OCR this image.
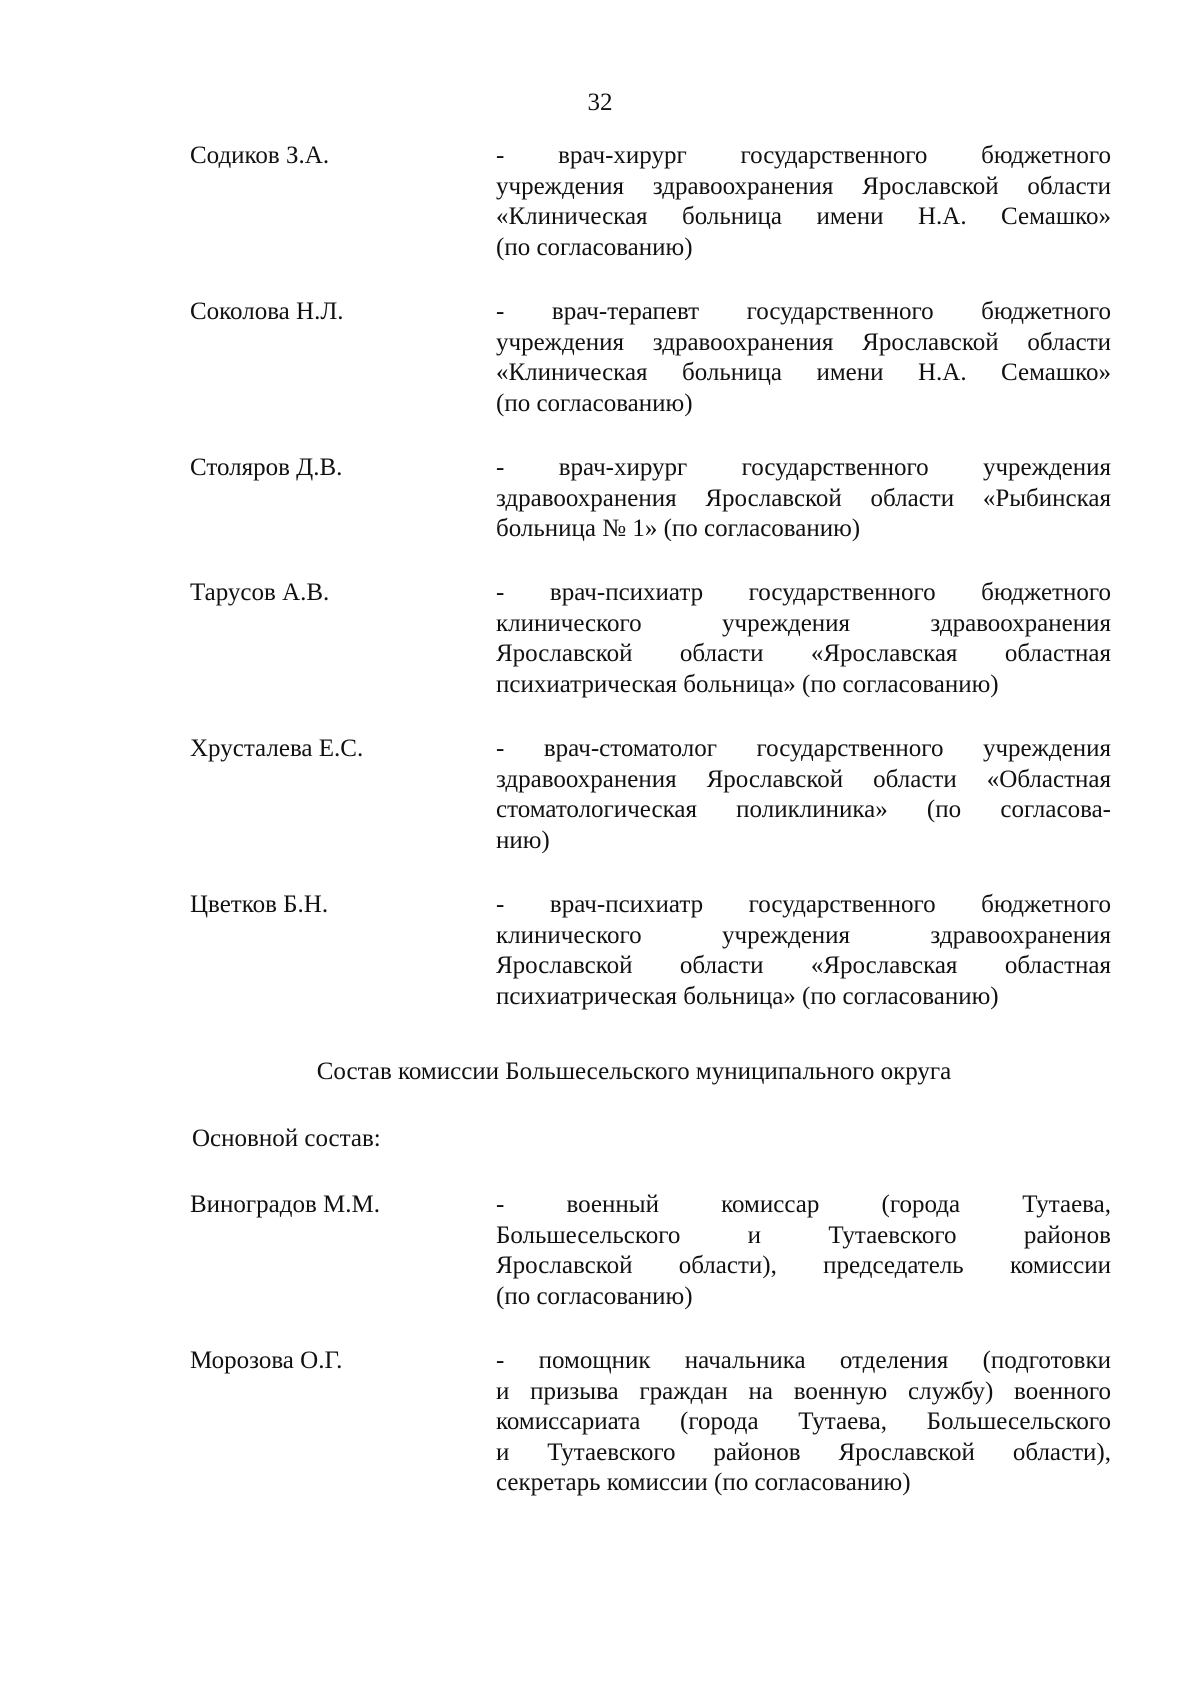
32
Содиков З.А.	- врач-хирург государственного бюджетного
учреждения здравоохранения Ярославской области
«Клиническая больница имени Н.А. Семашко»
(по согласованию)
Соколова Н.Л.	- врач-терапевт государственного бюджетного
учреждения здравоохранения Ярославской области
«Клиническая больница имени Н.А. Семашко»
(по согласованию)
Столяров Д.В.	- врач-хирург государственного учреждения
здравоохранения Ярославской области «Рыбинская
больница № 1» (по согласованию)
Тарусов А.В.	- врач-психиатр государственного бюджетного
клинического учреждения здравоохранения
Ярославской области «Ярославская областная
психиатрическая больница» (по согласованию)
Хрусталева Е.С.	- врач-стоматолог государственного учреждения
здравоохранения Ярославской области «Областная
стоматологическая поликлиника» (по согласова-
нию)
Цветков Б.Н.	- врач-психиатр государственного бюджетного
клинического учреждения здравоохранения
Ярославской области «Ярославская областная
психиатрическая больница» (по согласованию)
Состав комиссии Большесельского муниципального округа
Основной состав:
Виноградов М.М.	- военный комиссар (города Тутаева,
Большесельского и Тутаевского районов
Ярославской области), председатель комиссии
(по согласованию)
Морозова О.Г.	- помощник начальника отделения (подготовки
и призыва граждан на военную службу) военного
комиссариата (города Тутаева, Большесельского
и Тутаевского районов Ярославской области),
секретарь комиссии (по согласованию)
